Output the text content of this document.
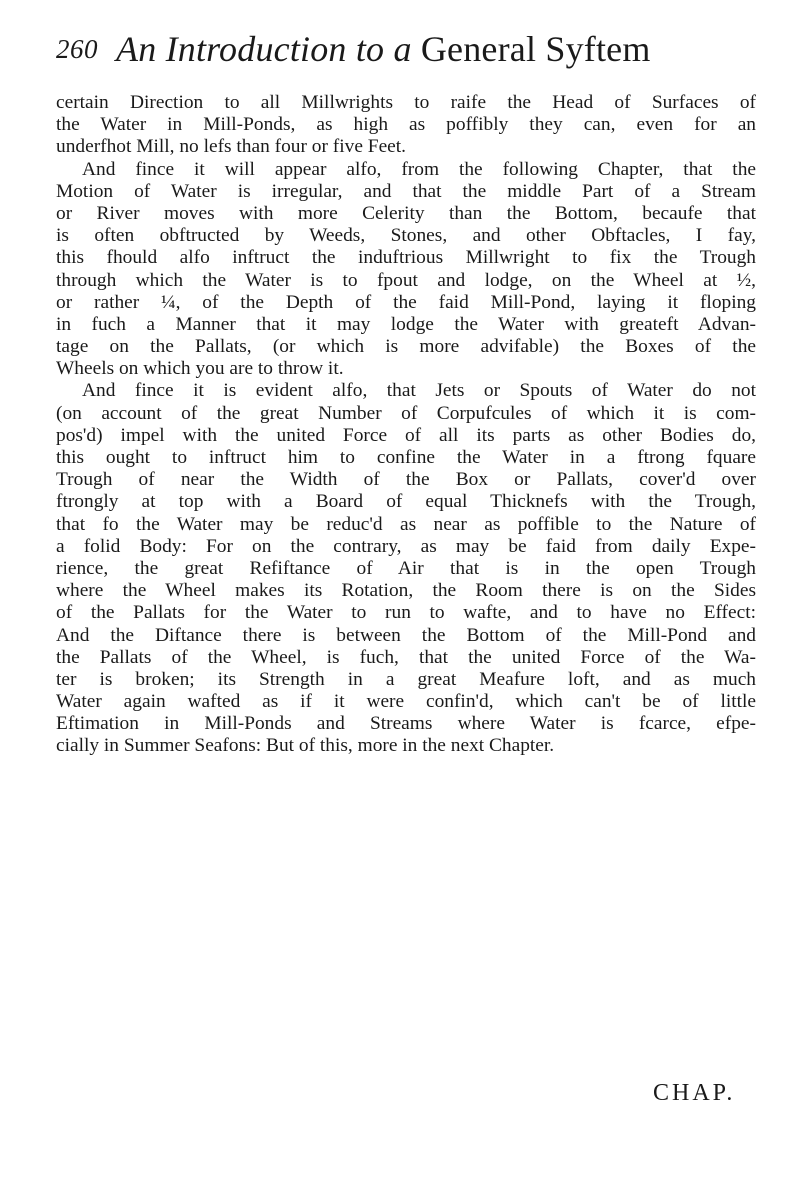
260 An Introduction to a General Syftem
certain Direction to all Millwrights to raife the Head of Surfaces of
the Water in Mill-Ponds, as high as poffibly they can, even for an
underfhot Mill, no lefs than four or five Feet.
And fince it will appear alfo, from the following Chapter, that the
Motion of Water is irregular, and that the middle Part of a Stream
or River moves with more Celerity than the Bottom, becaufe that
is often obftructed by Weeds, Stones, and other Obftacles, I fay,
this fhould alfo inftruct the induftrious Millwright to fix the Trough
through which the Water is to fpout and lodge, on the Wheel at ½,
or rather ¼, of the Depth of the faid Mill-Pond, laying it floping
in fuch a Manner that it may lodge the Water with greateft Advan-
tage on the Pallats, (or which is more advifable) the Boxes of the
Wheels on which you are to throw it.
And fince it is evident alfo, that Jets or Spouts of Water do not
(on account of the great Number of Corpufcules of which it is com-
pos'd) impel with the united Force of all its parts as other Bodies do,
this ought to inftruct him to confine the Water in a ftrong fquare
Trough of near the Width of the Box or Pallats, cover'd over
ftrongly at top with a Board of equal Thicknefs with the Trough,
that fo the Water may be reduc'd as near as poffible to the Nature of
a folid Body: For on the contrary, as may be faid from daily Expe-
rience, the great Refiftance of Air that is in the open Trough
where the Wheel makes its Rotation, the Room there is on the Sides
of the Pallats for the Water to run to wafte, and to have no Effect:
And the Diftance there is between the Bottom of the Mill-Pond and
the Pallats of the Wheel, is fuch, that the united Force of the Wa-
ter is broken; its Strength in a great Meafure loft, and as much
Water again wafted as if it were confin'd, which can't be of little
Eftimation in Mill-Ponds and Streams where Water is fcarce, efpe-
cially in Summer Seafons: But of this, more in the next Chapter.
CHAP.
